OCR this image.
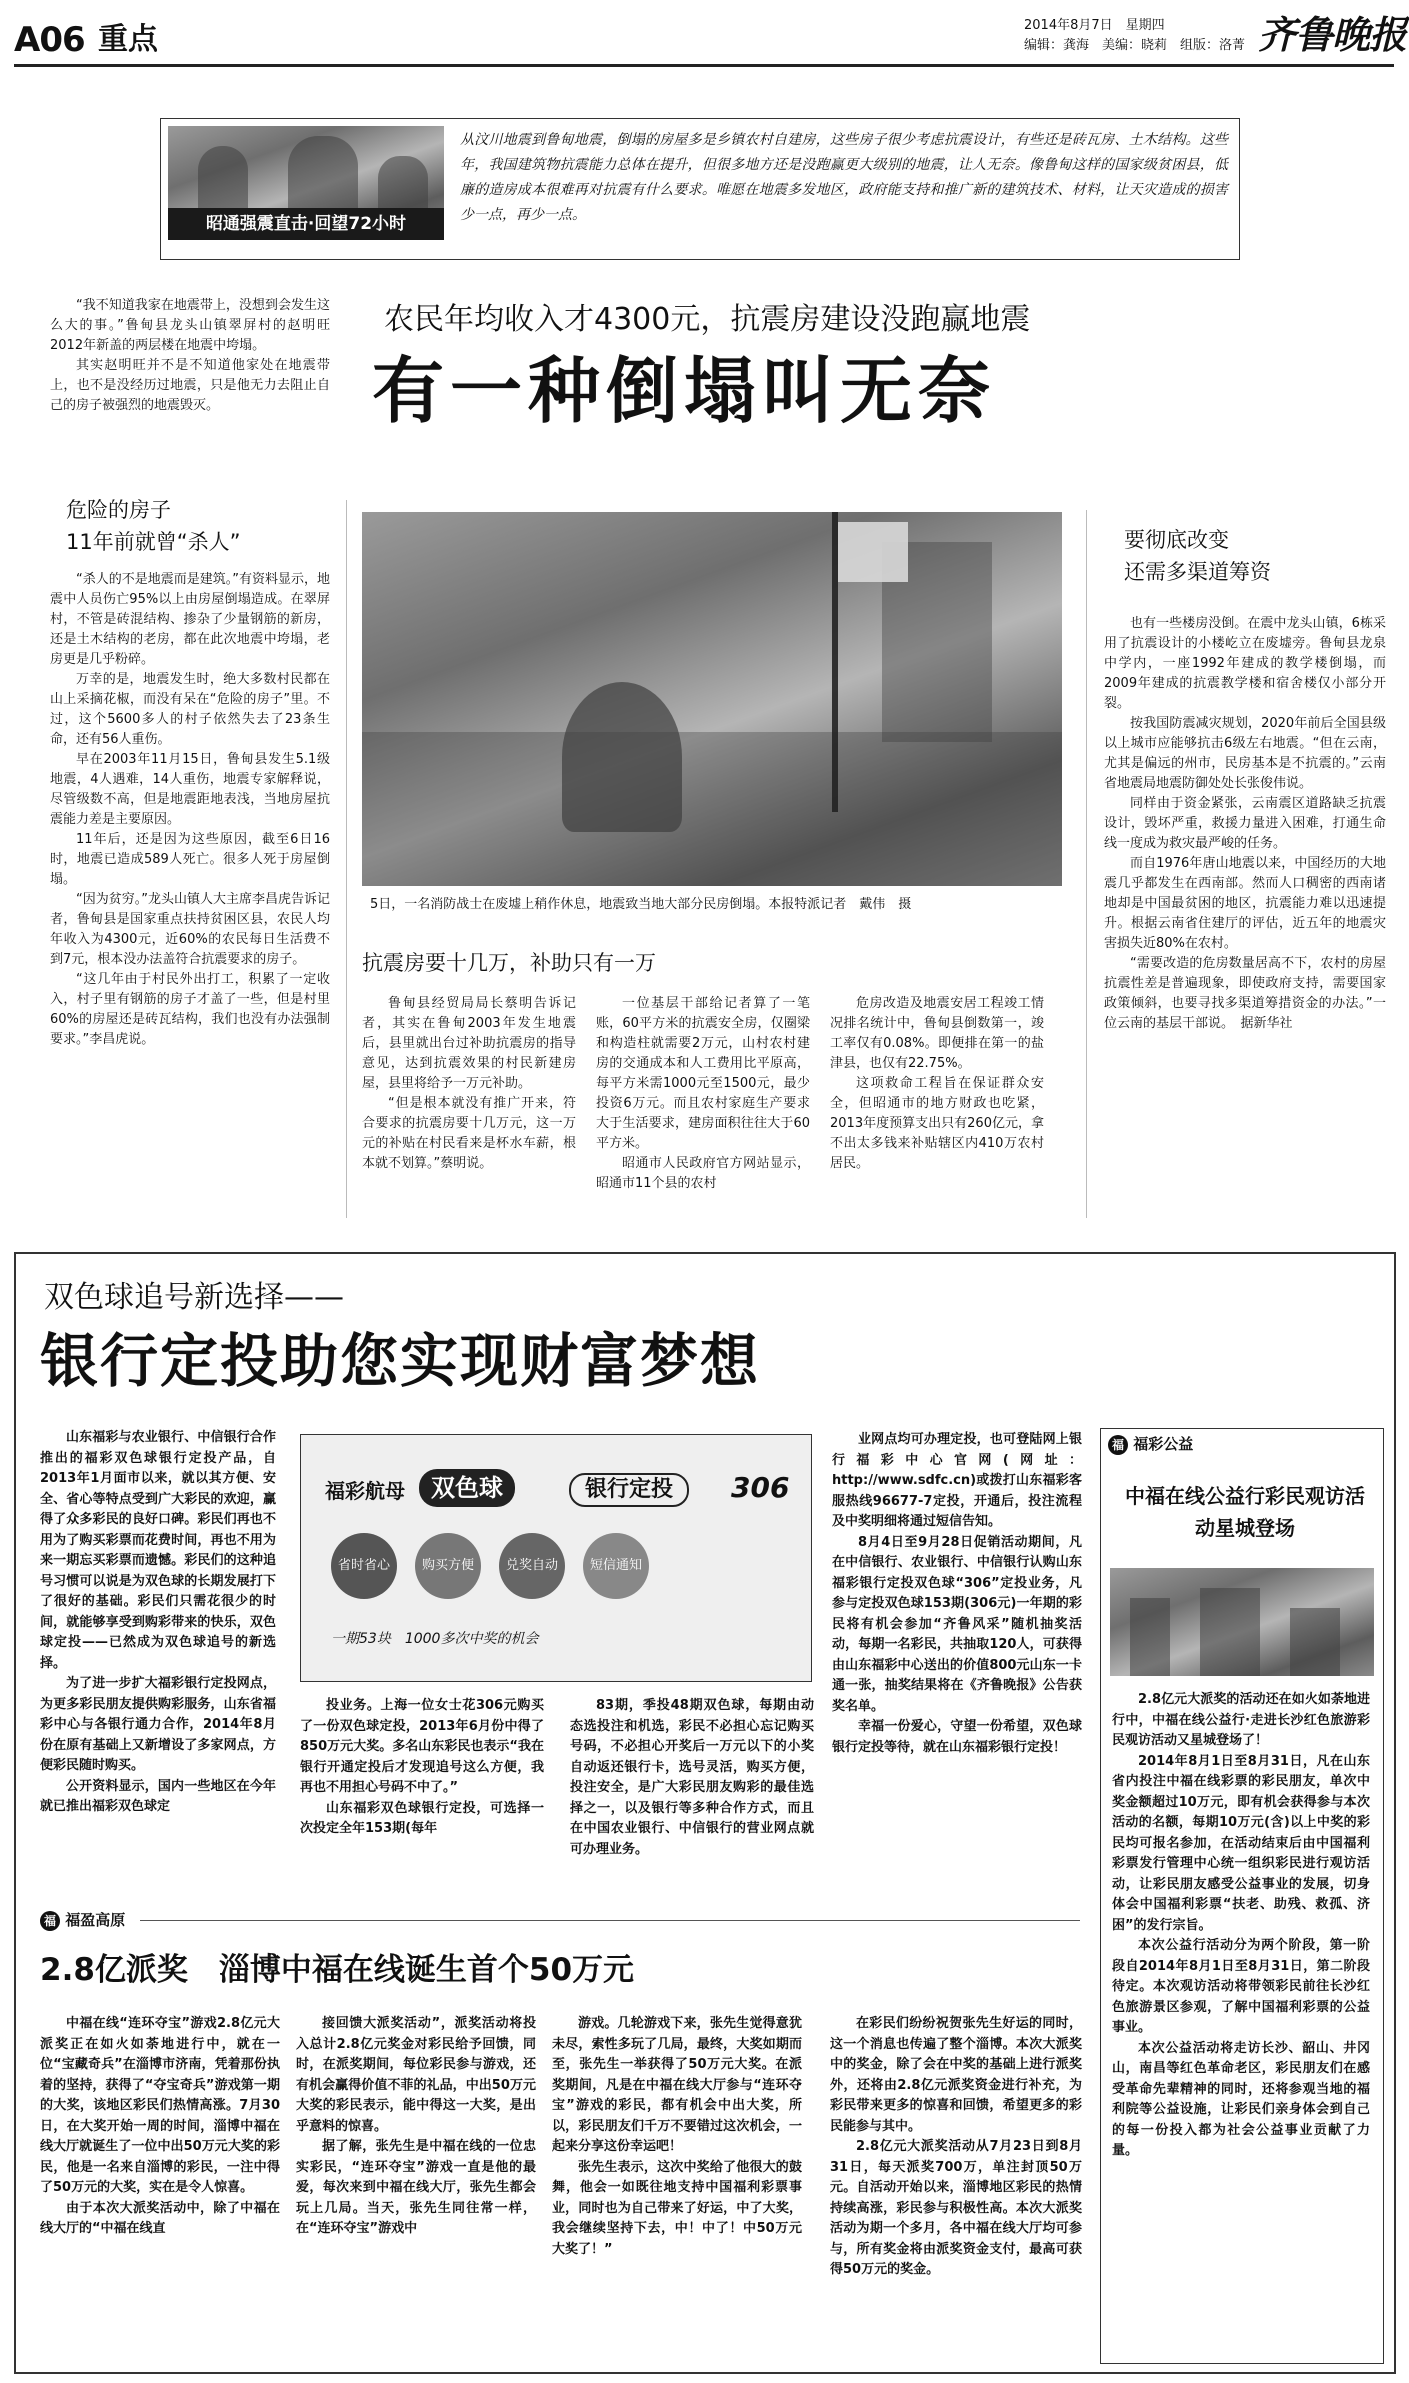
A06 重点	2014年8月7日　星期四
编辑：龚海　美编：晓莉　组版：洛菁 齐鲁晚报
昭通强震直击·回望72小时

从汶川地震到鲁甸地震，倒塌的房屋多是乡镇农村自建房，这些房子很少考虑抗震设计，有些还是砖瓦房、土木结构。这些年，我国建筑物抗震能力总体在提升，但很多地方还是没跑赢更大级别的地震，让人无奈。像鲁甸这样的国家级贫困县，低廉的造房成本很难再对抗震有什么要求。唯愿在地震多发地区，政府能支持和推广新的建筑技术、材料，让天灾造成的损害少一点，再少一点。

农民年均收入才4300元，抗震房建设没跑赢地震
有一种倒塌叫无奈

“我不知道我家在地震带上，没想到会发生这么大的事。”鲁甸县龙头山镇翠屏村的赵明旺2012年新盖的两层楼在地震中垮塌。

其实赵明旺并不是不知道他家处在地震带上，也不是没经历过地震，只是他无力去阻止自己的房子被强烈的地震毁灭。

危险的房子
11年前就曾“杀人”

“杀人的不是地震而是建筑。”有资料显示，地震中人员伤亡95%以上由房屋倒塌造成。在翠屏村，不管是砖混结构、掺杂了少量钢筋的新房，还是土木结构的老房，都在此次地震中垮塌，老房更是几乎粉碎。

万幸的是，地震发生时，绝大多数村民都在山上采摘花椒，而没有呆在“危险的房子”里。不过，这个5600多人的村子依然失去了23条生命，还有56人重伤。

早在2003年11月15日，鲁甸县发生5.1级地震，4人遇难，14人重伤，地震专家解释说，尽管级数不高，但是地震距地表浅，当地房屋抗震能力差是主要原因。

11年后，还是因为这些原因，截至6日16时，地震已造成589人死亡。很多人死于房屋倒塌。

“因为贫穷。”龙头山镇人大主席李昌虎告诉记者，鲁甸县是国家重点扶持贫困区县，农民人均年收入为4300元，近60%的农民每日生活费不到7元，根本没办法盖符合抗震要求的房子。

“这几年由于村民外出打工，积累了一定收入，村子里有钢筋的房子才盖了一些，但是村里60%的房屋还是砖瓦结构，我们也没有办法强制要求。”李昌虎说。

5日，一名消防战士在废墟上稍作休息，地震致当地大部分民房倒塌。本报特派记者　戴伟　摄
抗震房要十几万，补助只有一万

鲁甸县经贸局局长蔡明告诉记者，其实在鲁甸2003年发生地震后，县里就出台过补助抗震房的指导意见，达到抗震效果的村民新建房屋，县里将给予一万元补助。

“但是根本就没有推广开来，符合要求的抗震房要十几万元，这一万元的补贴在村民看来是杯水车薪，根本就不划算。”蔡明说。

一位基层干部给记者算了一笔账，60平方米的抗震安全房，仅圈梁和构造柱就需要2万元，山村农村建房的交通成本和人工费用比平原高，每平方米需1000元至1500元，最少投资6万元。而且农村家庭生产要求大于生活要求，建房面积往往大于60平方米。

昭通市人民政府官方网站显示，昭通市11个县的农村

危房改造及地震安居工程竣工情况排名统计中，鲁甸县倒数第一，竣工率仅有0.08%。即便排在第一的盐津县，也仅有22.75%。

这项救命工程旨在保证群众安全，但昭通市的地方财政也吃紧，2013年度预算支出只有260亿元，拿不出太多钱来补贴辖区内410万农村居民。

要彻底改变
还需多渠道筹资

也有一些楼房没倒。在震中龙头山镇，6栋采用了抗震设计的小楼屹立在废墟旁。鲁甸县龙泉中学内，一座1992年建成的教学楼倒塌，而2009年建成的抗震教学楼和宿舍楼仅小部分开裂。

按我国防震减灾规划，2020年前后全国县级以上城市应能够抗击6级左右地震。“但在云南，尤其是偏远的州市，民房基本是不抗震的。”云南省地震局地震防御处处长张俊伟说。

同样由于资金紧张，云南震区道路缺乏抗震设计，毁坏严重，救援力量进入困难，打通生命线一度成为救灾最严峻的任务。

而自1976年唐山地震以来，中国经历的大地震几乎都发生在西南部。然而人口稠密的西南诸地却是中国最贫困的地区，抗震能力难以迅速提升。根据云南省住建厅的评估，近五年的地震灾害损失近80%在农村。

“需要改造的危房数量居高不下，农村的房屋抗震性差是普遍现象，即使政府支持，需要国家政策倾斜，也要寻找多渠道筹措资金的办法。”一位云南的基层干部说。　据新华社

双色球追号新选择——
银行定投助您实现财富梦想

山东福彩与农业银行、中信银行合作推出的福彩双色球银行定投产品，自2013年1月面市以来，就以其方便、安全、省心等特点受到广大彩民的欢迎，赢得了众多彩民的良好口碑。彩民们再也不用为了购买彩票而花费时间，再也不用为来一期忘买彩票而遗憾。彩民们的这种追号习惯可以说是为双色球的长期发展打下了很好的基础。彩民们只需花很少的时间，就能够享受到购彩带来的快乐，双色球定投——已然成为双色球追号的新选择。

为了进一步扩大福彩银行定投网点，为更多彩民朋友提供购彩服务，山东省福彩中心与各银行通力合作，2014年8月份在原有基础上又新增设了多家网点，方便彩民随时购买。

公开资料显示，国内一些地区在今年就已推出福彩双色球定

福彩航母	双色球	银行定投	306
省时省心	购买方便	兑奖自动	短信通知
一期53块　1000多次中奖的机会

投业务。上海一位女士花306元购买了一份双色球定投，2013年6月份中得了850万元大奖。多名山东彩民也表示“我在银行开通定投后才发现追号这么方便，我再也不用担心号码不中了。”

山东福彩双色球银行定投，可选择一次投定全年153期(每年

83期，季投48期双色球，每期由动态选投注和机选，彩民不必担心忘记购买号码，不必担心开奖后一万元以下的小奖自动返还银行卡，选号灵活，购买方便，投注安全，是广大彩民朋友购彩的最佳选择之一，以及银行等多种合作方式，而且在中国农业银行、中信银行的营业网点就可办理业务。

业网点均可办理定投，也可登陆网上银行福彩中心官网(网址：http://www.sdfc.cn)或拨打山东福彩客服热线96677-7定投，开通后，投注流程及中奖明细将通过短信告知。

8月4日至9月28日促销活动期间，凡在中信银行、农业银行、中信银行认购山东福彩银行定投双色球“306”定投业务，凡参与定投双色球153期(306元)一年期的彩民将有机会参加“齐鲁风采”随机抽奖活动，每期一名彩民，共抽取120人，可获得由山东福彩中心送出的价值800元山东一卡通一张，抽奖结果将在《齐鲁晚报》公告获奖名单。

幸福一份爱心，守望一份希望，双色球银行定投等待，就在山东福彩银行定投！

福 福彩公益
中福在线公益行彩民观访活动星城登场

2.8亿元大派奖的活动还在如火如荼地进行中，中福在线公益行·走进长沙红色旅游彩民观访活动又星城登场了！

2014年8月1日至8月31日，凡在山东省内投注中福在线彩票的彩民朋友，单次中奖金额超过10万元，即有机会获得参与本次活动的名额，每期10万元(含)以上中奖的彩民均可报名参加，在活动结束后由中国福利彩票发行管理中心统一组织彩民进行观访活动，让彩民朋友感受公益事业的发展，切身体会中国福利彩票“扶老、助残、救孤、济困”的发行宗旨。

本次公益行活动分为两个阶段，第一阶段自2014年8月1日至8月31日，第二阶段待定。本次观访活动将带领彩民前往长沙红色旅游景区参观，了解中国福利彩票的公益事业。

本次公益活动将走访长沙、韶山、井冈山，南昌等红色革命老区，彩民朋友们在感受革命先辈精神的同时，还将参观当地的福利院等公益设施，让彩民们亲身体会到自己的每一份投入都为社会公益事业贡献了力量。

福 福盈高原
2.8亿派奖　淄博中福在线诞生首个50万元

中福在线“连环夺宝”游戏2.8亿元大派奖正在如火如荼地进行中，就在一位“宝藏奇兵”在淄博市济南，凭着那份执着的坚持，获得了“夺宝奇兵”游戏第一期的大奖，该地区彩民们热情高涨。7月30日，在大奖开始一周的时间，淄博中福在线大厅就诞生了一位中出50万元大奖的彩民，他是一名来自淄博的彩民，一注中得了50万元的大奖，实在是令人惊喜。

由于本次大派奖活动中，除了中福在线大厅的“中福在线直

接回馈大派奖活动”，派奖活动将投入总计2.8亿元奖金对彩民给予回馈，同时，在派奖期间，每位彩民参与游戏，还有机会赢得价值不菲的礼品，中出50万元大奖的彩民表示，能中得这一大奖，是出乎意料的惊喜。

据了解，张先生是中福在线的一位忠实彩民，“连环夺宝”游戏一直是他的最爱，每次来到中福在线大厅，张先生都会玩上几局。当天，张先生同往常一样，在“连环夺宝”游戏中

游戏。几轮游戏下来，张先生觉得意犹未尽，索性多玩了几局，最终，大奖如期而至，张先生一举获得了50万元大奖。在派奖期间，凡是在中福在线大厅参与“连环夺宝”游戏的彩民，都有机会中出大奖，所以，彩民朋友们千万不要错过这次机会，一起来分享这份幸运吧！

张先生表示，这次中奖给了他很大的鼓舞，他会一如既往地支持中国福利彩票事业，同时也为自己带来了好运，中了大奖，我会继续坚持下去，中！中了！中50万元大奖了！”

在彩民们纷纷祝贺张先生好运的同时，这一个消息也传遍了整个淄博。本次大派奖中的奖金，除了会在中奖的基础上进行派奖外，还将由2.8亿元派奖资金进行补充，为彩民带来更多的惊喜和回馈，希望更多的彩民能参与其中。

2.8亿元大派奖活动从7月23日到8月31日，每天派奖700万，单注封顶50万元。自活动开始以来，淄博地区彩民的热情持续高涨，彩民参与积极性高。本次大派奖活动为期一个多月，各中福在线大厅均可参与，所有奖金将由派奖资金支付，最高可获得50万元的奖金。
